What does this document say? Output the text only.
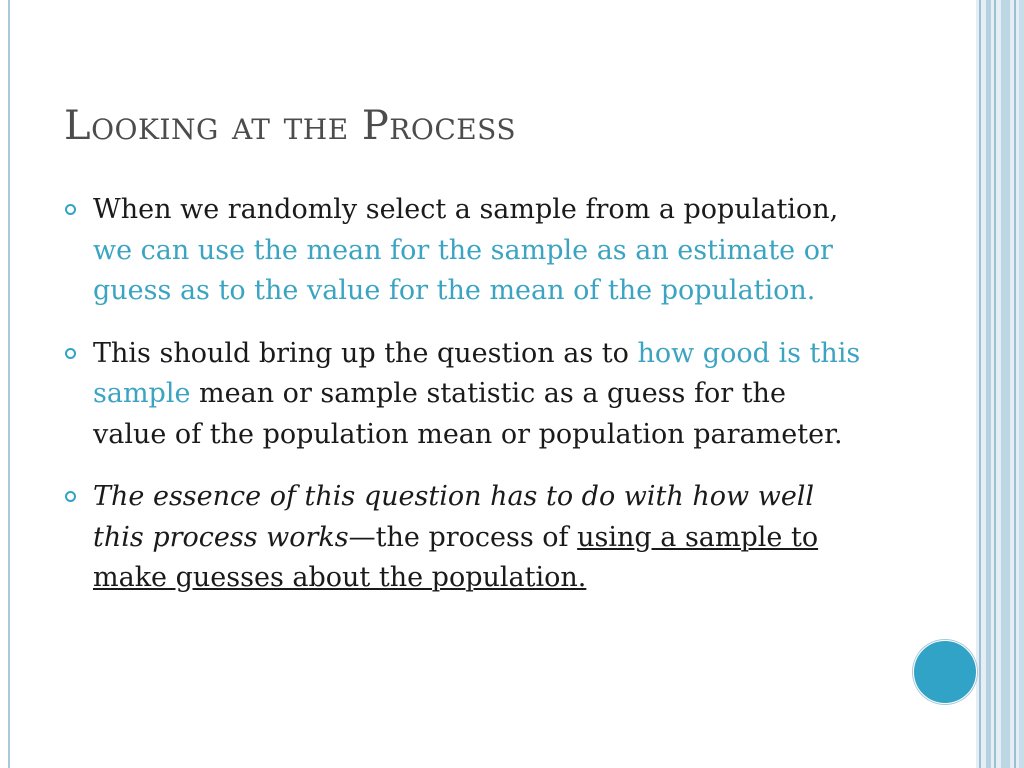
Looking at the Process
When we randomly select a sample from a population, we can use the mean for the sample as an estimate or guess as to the value for the mean of the population.
This should bring up the question as to how good is this sample mean or sample statistic as a guess for the value of the population mean or population parameter.
The essence of this question has to do with how well this process works—the process of using a sample to make guesses about the population.
